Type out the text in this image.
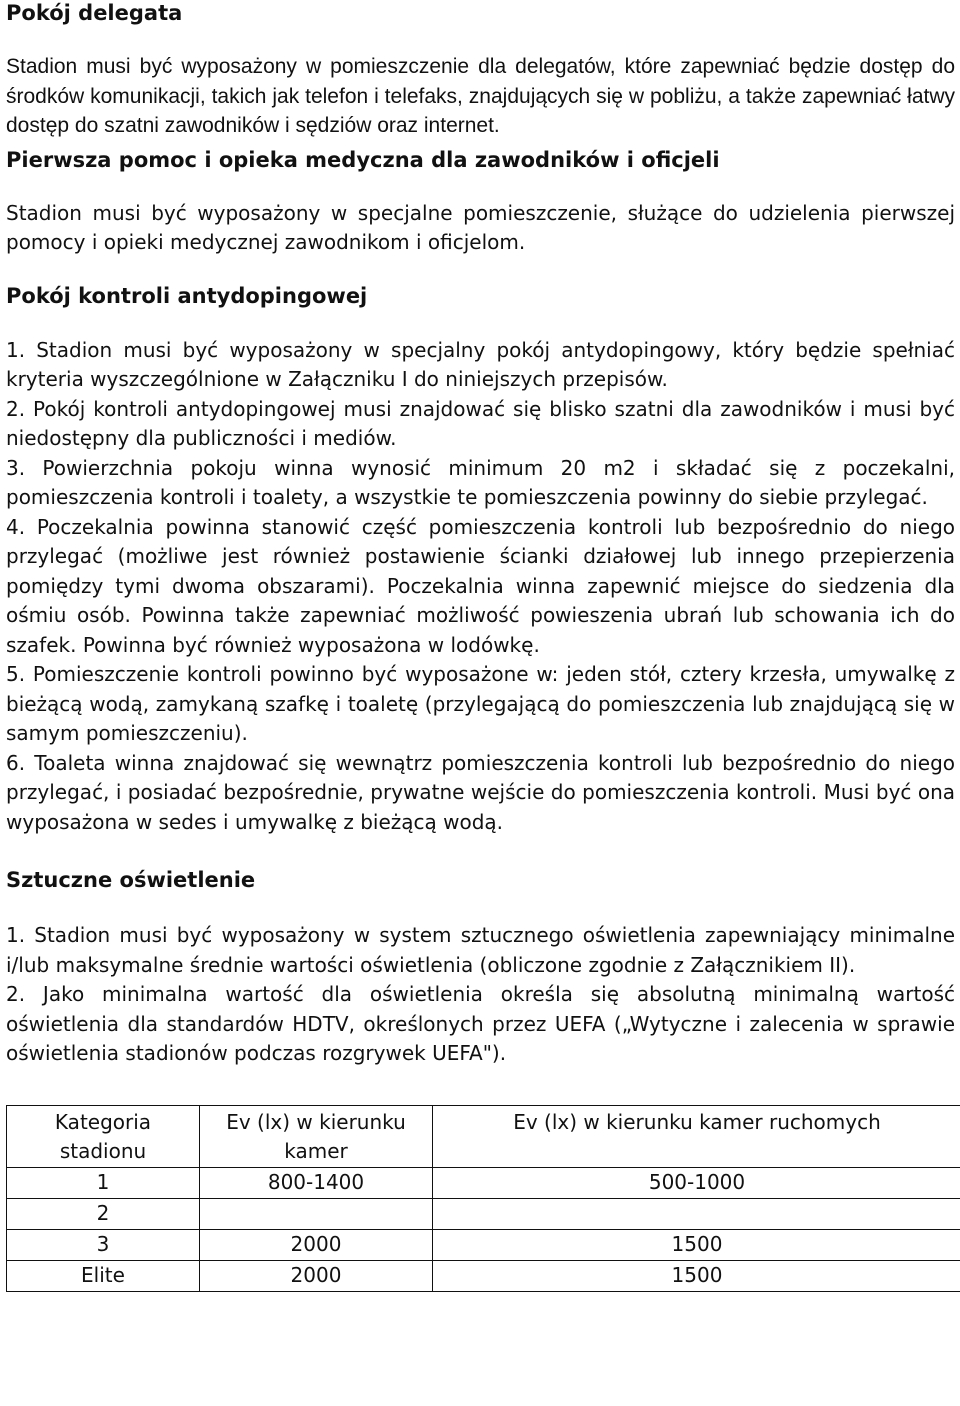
Pokój delegata

Stadion musi być wyposażony w pomieszczenie dla delegatów, które zapewniać będzie dostęp do środków komunikacji, takich jak telefon i telefaks, znajdujących się w pobliżu, a także zapewniać łatwy dostęp do szatni zawodników i sędziów oraz internet.

Pierwsza pomoc i opieka medyczna dla zawodników i oficjeli

Stadion musi być wyposażony w specjalne pomieszczenie, służące do udzielenia pierwszej pomocy i opieki medycznej zawodnikom i oficjelom.

Pokój kontroli antydopingowej

1. Stadion musi być wyposażony w specjalny pokój antydopingowy, który będzie spełniać kryteria wyszczególnione w Załączniku I do niniejszych przepisów.

2. Pokój kontroli antydopingowej musi znajdować się blisko szatni dla zawodników i musi być niedostępny dla publiczności i mediów.

3. Powierzchnia pokoju winna wynosić minimum 20 m2 i składać się z poczekalni, pomieszczenia kontroli i toalety, a wszystkie te pomieszczenia powinny do siebie przylegać.

4. Poczekalnia powinna stanowić część pomieszczenia kontroli lub bezpośrednio do niego przylegać (możliwe jest również postawienie ścianki działowej lub innego przepierzenia pomiędzy tymi dwoma obszarami). Poczekalnia winna zapewnić miejsce do siedzenia dla ośmiu osób. Powinna także zapewniać możliwość powieszenia ubrań lub schowania ich do szafek. Powinna być również wyposażona w lodówkę.

5. Pomieszczenie kontroli powinno być wyposażone w: jeden stół, cztery krzesła, umywalkę z bieżącą wodą, zamykaną szafkę i toaletę (przylegającą do pomieszczenia lub znajdującą się w samym pomieszczeniu).

6. Toaleta winna znajdować się wewnątrz pomieszczenia kontroli lub bezpośrednio do niego przylegać, i posiadać bezpośrednie, prywatne wejście do pomieszczenia kontroli. Musi być ona wyposażona w sedes i umywalkę z bieżącą wodą.

Sztuczne oświetlenie

1. Stadion musi być wyposażony w system sztucznego oświetlenia zapewniający minimalne i/lub maksymalne średnie wartości oświetlenia (obliczone zgodnie z Załącznikiem II).

2. Jako minimalna wartość dla oświetlenia określa się absolutną minimalną wartość oświetlenia dla standardów HDTV, określonych przez UEFA („Wytyczne i zalecenia w sprawie oświetlenia stadionów podczas rozgrywek UEFA").

Kategoria stadionu	Ev (lx) w kierunku kamer	Ev (lx) w kierunku kamer ruchomych
1	800-1400	500-1000
2		
3	2000	1500
Elite	2000	1500
